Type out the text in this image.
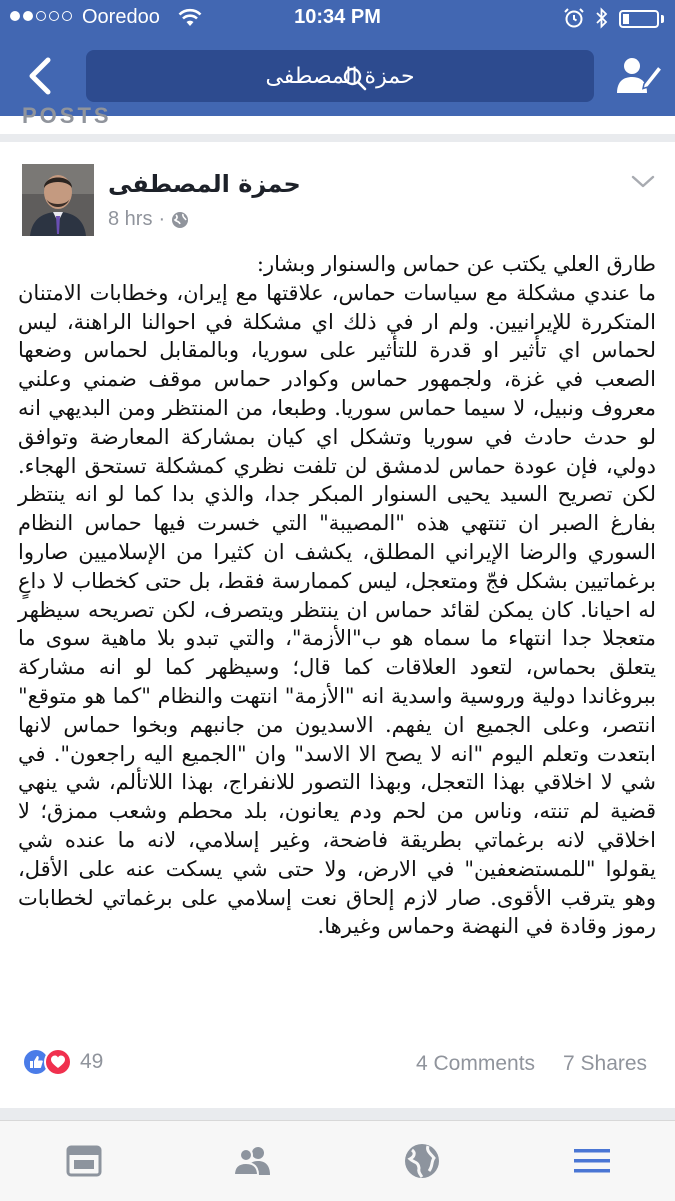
Ooredoo	10:34 PM
حمزة المصطفى
POSTS
حمزة المصطفى
8 hrs ·

طارق العلي يكتب عن حماس والسنوار وبشار:

ما عندي مشكلة مع سياسات حماس، علاقتها مع إيران، وخطابات الامتنان المتكررة للإيرانيين. ولم ار في ذلك اي مشكلة في احوالنا الراهنة، ليس لحماس اي تأثير او قدرة للتأثير على سوريا، وبالمقابل لحماس وضعها الصعب في غزة، ولجمهور حماس وكوادر حماس موقف ضمني وعلني معروف ونبيل، لا سيما حماس سوريا. وطبعا، من المنتظر ومن البديهي انه لو حدث حادث في سوريا وتشكل اي كيان بمشاركة المعارضة وتوافق دولي، فإن عودة حماس لدمشق لن تلفت نظري كمشكلة تستحق الهجاء. لكن تصريح السيد يحيى السنوار المبكر جدا، والذي بدا كما لو انه ينتظر بفارغ الصبر ان تنتهي هذه "المصيبة" التي خسرت فيها حماس النظام السوري والرضا الإيراني المطلق، يكشف ان كثيرا من الإسلاميين صاروا برغماتيين بشكل فجّ ومتعجل، ليس كممارسة فقط، بل حتى كخطاب لا داعٍ له احيانا. كان يمكن لقائد حماس ان ينتظر ويتصرف، لكن تصريحه سيظهر متعجلا جدا انتهاء ما سماه هو ب"الأزمة"، والتي تبدو بلا ماهية سوى ما يتعلق بحماس، لتعود العلاقات كما قال؛ وسيظهر كما لو انه مشاركة ببروغاندا دولية وروسية واسدية انه "الأزمة" انتهت والنظام "كما هو متوقع" انتصر، وعلى الجميع ان يفهم. الاسديون من جانبهم وبخوا حماس لانها ابتعدت وتعلم اليوم "انه لا يصح الا الاسد" وان "الجميع اليه راجعون". في شي لا اخلاقي بهذا التعجل، وبهذا التصور للانفراج، بهذا اللاتألم، شي ينهي قضية لم تنته، وناس من لحم ودم يعانون، بلد محطم وشعب ممزق؛ لا اخلاقي لانه برغماتي بطريقة فاضحة، وغير إسلامي، لانه ما عنده شي يقولوا "للمستضعفين" في الارض، ولا حتى شي يسكت عنه على الأقل، وهو يترقب الأقوى. صار لازم إلحاق نعت إسلامي على برغماتي لخطابات رموز وقادة في النهضة وحماس وغيرها.

49	4 Comments 7 Shares
